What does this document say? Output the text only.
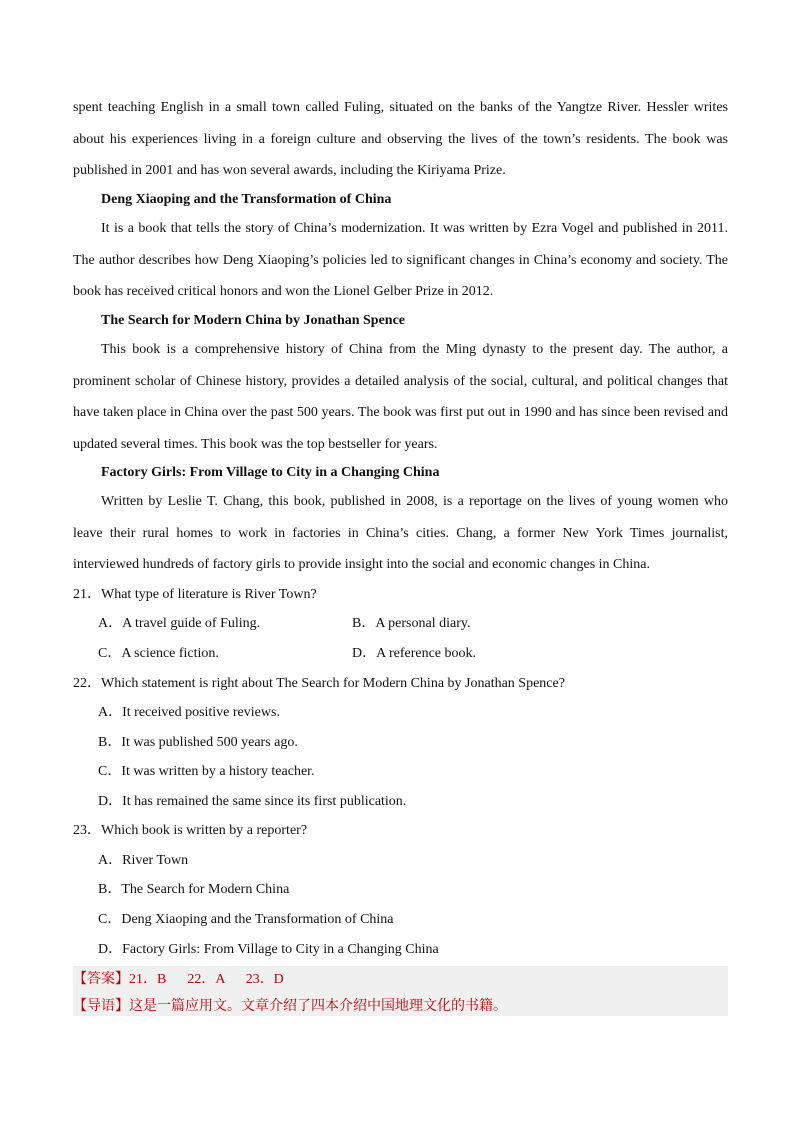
spent teaching English in a small town called Fuling, situated on the banks of the Yangtze River. Hessler writes about his experiences living in a foreign culture and observing the lives of the town’s residents. The book was published in 2001 and has won several awards, including the Kiriyama Prize.

Deng Xiaoping and the Transformation of China

It is a book that tells the story of China’s modernization. It was written by Ezra Vogel and published in 2011. The author describes how Deng Xiaoping’s policies led to significant changes in China’s economy and society. The book has received critical honors and won the Lionel Gelber Prize in 2012.

The Search for Modern China by Jonathan Spence

This book is a comprehensive history of China from the Ming dynasty to the present day. The author, a prominent scholar of Chinese history, provides a detailed analysis of the social, cultural, and political changes that have taken place in China over the past 500 years. The book was first put out in 1990 and has since been revised and updated several times. This book was the top bestseller for years.

Factory Girls: From Village to City in a Changing China

Written by Leslie T. Chang, this book, published in 2008, is a reportage on the lives of young women who leave their rural homes to work in factories in China’s cities. Chang, a former New York Times journalist, interviewed hundreds of factory girls to provide insight into the social and economic changes in China.

21．What type of literature is River Town?

A．A travel guide of Fuling.	B．A personal diary.

C．A science fiction.	D．A reference book.

22．Which statement is right about The Search for Modern China by Jonathan Spence?

A．It received positive reviews.

B．It was published 500 years ago.

C．It was written by a history teacher.

D．It has remained the same since its first publication.

23．Which book is written by a reporter?

A．River Town

B．The Search for Modern China

C．Deng Xiaoping and the Transformation of China

D．Factory Girls: From Village to City in a Changing China

【答案】21．B 22．A 23．D

【导语】这是一篇应用文。文章介绍了四本介绍中国地理文化的书籍。
